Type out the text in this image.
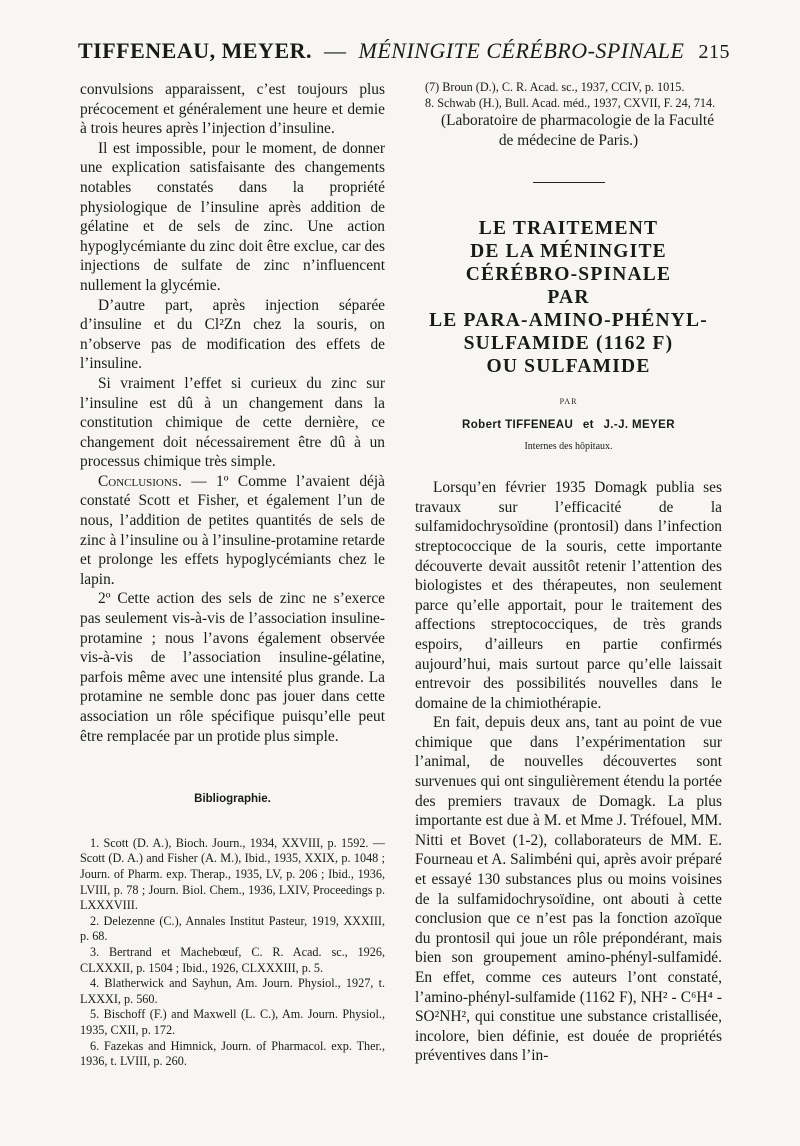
TIFFENEAU, MEYER. — MÉNINGITE CÉRÉBRO-SPINALE 215

convulsions apparaissent, c’est toujours plus précocement et généralement une heure et demie à trois heures après l’injection d’insuline.

Il est impossible, pour le moment, de donner une explication satisfaisante des changements notables constatés dans la propriété physiologique de l’insuline après addition de gélatine et de sels de zinc. Une action hypoglycémiante du zinc doit être exclue, car des injections de sulfate de zinc n’influencent nullement la glycémie.

D’autre part, après injection séparée d’insuline et du Cl²Zn chez la souris, on n’observe pas de modification des effets de l’insuline.

Si vraiment l’effet si curieux du zinc sur l’insuline est dû à un changement dans la constitution chimique de cette dernière, ce changement doit nécessairement être dû à un processus chimique très simple.

Conclusions. — 1º Comme l’avaient déjà constaté Scott et Fisher, et également l’un de nous, l’addition de petites quantités de sels de zinc à l’insuline ou à l’insuline-protamine retarde et prolonge les effets hypoglycémiants chez le lapin.

2º Cette action des sels de zinc ne s’exerce pas seulement vis-à-vis de l’association insuline-protamine ; nous l’avons également observée vis-à-vis de l’association insuline-gélatine, parfois même avec une intensité plus grande. La protamine ne semble donc pas jouer dans cette association un rôle spécifique puisqu’elle peut être remplacée par un protide plus simple.

Bibliographie.

1. Scott (D. A.), Bioch. Journ., 1934, XXVIII, p. 1592. — Scott (D. A.) and Fisher (A. M.), Ibid., 1935, XXIX, p. 1048 ; Journ. of Pharm. exp. Therap., 1935, LV, p. 206 ; Ibid., 1936, LVIII, p. 78 ; Journ. Biol. Chem., 1936, LXIV, Proceedings p. LXXXVIII.

2. Delezenne (C.), Annales Institut Pasteur, 1919, XXXIII, p. 68.

3. Bertrand et Machebœuf, C. R. Acad. sc., 1926, CLXXXII, p. 1504 ; Ibid., 1926, CLXXXIII, p. 5.

4. Blatherwick and Sayhun, Am. Journ. Physiol., 1927, t. LXXXI, p. 560.

5. Bischoff (F.) and Maxwell (L. C.), Am. Journ. Physiol., 1935, CXII, p. 172.

6. Fazekas and Himnick, Journ. of Pharmacol. exp. Ther., 1936, t. LVIII, p. 260.

(7) Broun (D.), C. R. Acad. sc., 1937, CCIV, p. 1015.

8. Schwab (H.), Bull. Acad. méd., 1937, CXVII, F. 24, 714.

(Laboratoire de pharmacologie de la Faculté de médecine de Paris.)

LE TRAITEMENT
DE LA MÉNINGITE
CÉRÉBRO-SPINALE
PAR
LE PARA-AMINO-PHÉNYL-
SULFAMIDE (1162 F)
OU SULFAMIDE
PAR
Robert TIFFENEAU et J.-J. MEYER
Internes des hôpitaux.

Lorsqu’en février 1935 Domagk publia ses travaux sur l’efficacité de la sulfamidochrysoïdine (prontosil) dans l’infection streptococcique de la souris, cette importante découverte devait aussitôt retenir l’attention des biologistes et des thérapeutes, non seulement parce qu’elle apportait, pour le traitement des affections streptococciques, de très grands espoirs, d’ailleurs en partie confirmés aujourd’hui, mais surtout parce qu’elle laissait entrevoir des possibilités nouvelles dans le domaine de la chimiothérapie.

En fait, depuis deux ans, tant au point de vue chimique que dans l’expérimentation sur l’animal, de nouvelles découvertes sont survenues qui ont singulièrement étendu la portée des premiers travaux de Domagk. La plus importante est due à M. et Mme J. Tréfouel, MM. Nitti et Bovet (1-2), collaborateurs de MM. E. Fourneau et A. Salimbéni qui, après avoir préparé et essayé 130 substances plus ou moins voisines de la sulfamidochrysoïdine, ont abouti à cette conclusion que ce n’est pas la fonction azoïque du prontosil qui joue un rôle prépondérant, mais bien son groupement amino-phényl-sulfamidé. En effet, comme ces auteurs l’ont constaté, l’amino-phényl-sulfamide (1162 F), NH² - C⁶H⁴ - SO²NH², qui constitue une substance cristallisée, incolore, bien définie, est douée de propriétés préventives dans l’in-
